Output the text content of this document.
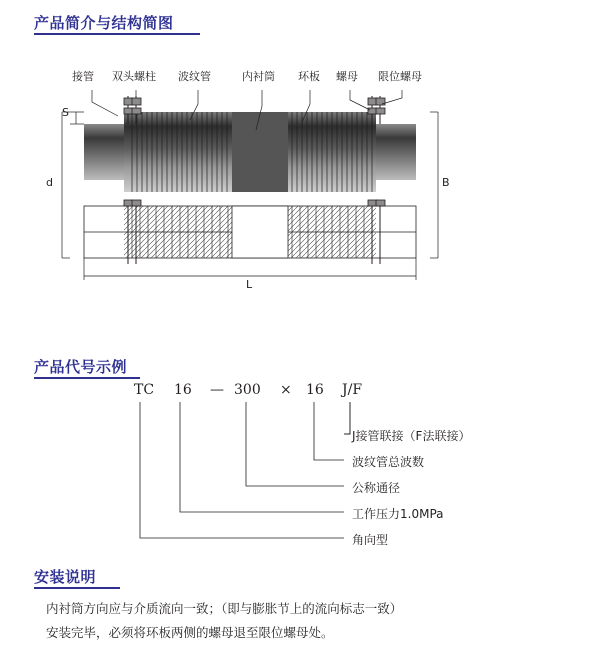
产品简介与结构简图
接管 双头螺柱 波纹管	内衬筒 环板 螺母 限位螺母
S
d	B
L
产品代号示例
TC 16 — 300 × 16 J/F
J接管联接（F法联接）
波纹管总波数
公称通径
工作压力1.0MPa
角向型
安装说明

内衬筒方向应与介质流向一致；（即与膨胀节上的流向标志一致）

安装完毕，必须将环板两侧的螺母退至限位螺母处。
